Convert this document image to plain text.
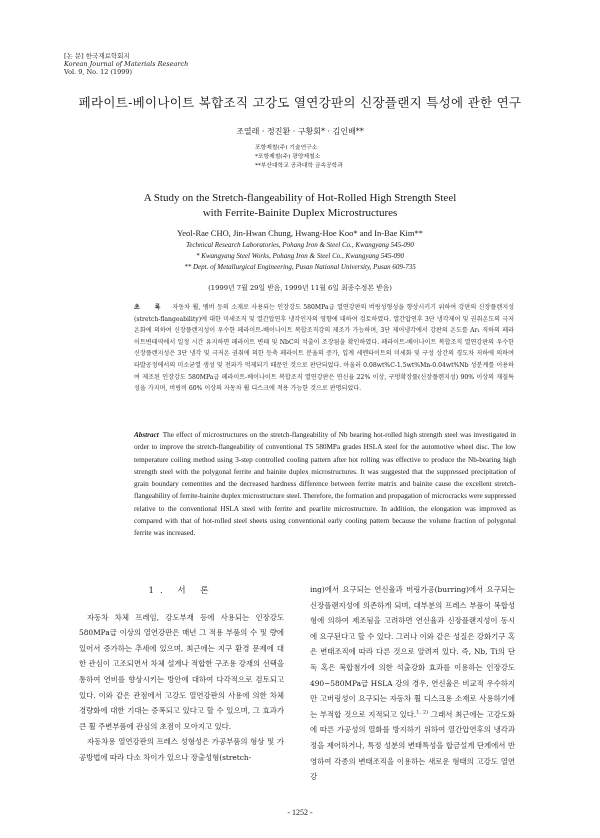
[논 문] 한국재료학회지
Korean Journal of Materials Research
Vol. 9, No. 12 (1999)
페라이트-베이나이트 복합조직 고강도 열연강판의 신장플랜지 특성에 관한 연구
조열래 · 정진환 · 구황회* · 김인배**
포항제철(주) 기술연구소
*포항제철(주) 광양제철소
**부산대학교 공과대학 금속공학과
A Study on the Stretch-flangeability of Hot-Rolled High Strength Steel
with Ferrite-Bainite Duplex Microstructures
Yeol-Rae CHO, Jin-Hwan Chung, Hwang-Hoe Koo* and In-Bae Kim**
Technical Research Laboratories, Pohang Iron & Steel Co., Kwangyang 545-090
* Kwangyang Steel Works, Pohang Iron & Steel Co., Kwangyang 545-090
** Dept. of Metallurgical Engineering, Pusan National University, Pusan 609-735
(1999년 7월 29일 받음, 1999년 11월 6일 최종수정본 받음)
초 록 자동차 휠, 멤버 등의 소재로 사용되는 인장강도 580MPa급 열연강판의 버링성형성을 향상시키기 위하여 강판의 신장플랜지성(stretch-flangeability)에 대한 미세조직 및 열간압연후 냉각인자의 영향에 대하여 검토하였다. 열간압연후 3단 냉각제어 및 권취온도의 극저온화에 의하여 신장플랜지성이 우수한 페라이트-베이나이트 복합조직강의 제조가 가능하며, 3단 제어냉각에서 강판의 온도를 Ar₁ 직하의 페라이트변태역에서 일정 시간 유지하면 페라이트 변태 및 NbC의 석출이 조장됨을 확인하였다. 페라이트-베이나이트 복합조직 열연강판의 우수한 신장플랜지성은 3단 냉각 및 극저온 권취에 의한 등축 페라이트 분율의 증가, 입계 세멘타이트의 미세화 및 구성 상간의 경도차 저하에 의하여 타발공정에서의 미소균열 생성 및 전파가 억제되기 때문인 것으로 판단되었다. 아울러 0.08wt%C-1.5wt%Mn-0.04wt%Nb 성분계를 이용하여 제조된 인장강도 580MPa급 페라이트-베이나이트 복합조직 열연강판은 연신율 22% 이상, 구멍확장률(신장플랜지성) 90% 이상의 재질특성을 가지며, 버링비 60% 이상의 자동차 휠 디스크에 적용 가능한 것으로 판명되었다.
Abstract The effect of microstructures on the stretch-flangeability of Nb bearing hot-rolled high strength steel was investigated in order to improve the stretch-flangeability of conventional TS 580MPa grades HSLA steel for the automotive wheel disc. The low temperature coiling method using 3-step controlled cooling pattern after hot rolling was effective to produce the Nb-bearing high strength steel with the polygonal ferrite and bainite duplex microstructures. It was suggested that the suppressed precipitation of grain boundary cementites and the decreased hardness difference between ferrite matrix and bainite cause the excellent stretch-flangeability of ferrite-bainite duplex microstructure steel. Therefore, the formation and propagation of microcracks were suppressed relative to the conventional HSLA steel with ferrite and pearlite microstructure. In addition, the elongation was improved as compared with that of hot-rolled steel sheets using conventional early cooling pattern because the volume fraction of polygonal ferrite was increased.
1. 서 론

자동차 차체 프레임, 강도부재 등에 사용되는 인장강도 580MPa급 이상의 열연강판은 매년 그 적용 부품의 수 및 량에 있어서 증가하는 추세에 있으며, 최근에는 지구 환경 문제에 대한 관심이 고조되면서 차체 설계나 적합한 구조용 강재의 선택을 통하여 연비를 향상시키는 방안에 대하여 다각적으로 검토되고 있다. 이와 같은 관점에서 고강도 열연강판의 사용에 의한 차체 경량화에 대한 기대는 증폭되고 있다고 할 수 있으며, 그 효과가 큰 휠 주변부품에 관심의 초점이 모아지고 있다.

자동차용 열연강판의 프레스 성형성은 가공부품의 형상 및 가공방법에 따라 다소 차이가 있으나 장출성형(stretch-

ing)에서 요구되는 연신율과 버링가공(burring)에서 요구되는 신장플랜지성에 의존하게 되며, 대부분의 프레스 부품이 복합성형에 의하여 제조됨을 고려하면 연신율과 신장플랜지성이 동시에 요구된다고 할 수 있다. 그러나 이와 같은 성질은 강화기구 혹은 변태조직에 따라 다른 것으로 알려져 있다. 즉, Nb, Ti의 단독 혹은 복합첨가에 의한 석출강화 효과를 이용하는 인장강도 490~580MPa급 HSLA 강의 경우, 연신율은 비교적 우수하지만 고버링성이 요구되는 자동차 휠 디스크용 소재로 사용하기에는 부적합 것으로 지적되고 있다.$^{1, 2)}$ 그래서 최근에는 고강도화에 따른 가공성의 열화를 방지하기 위하여 열간압연후의 냉각과정을 제어하거나, 특정 성분의 변태특성을 합금설계 단계에서 반영하여 각종의 변태조직을 이용하는 새로운 형태의 고강도 열연강

- 1252 -
